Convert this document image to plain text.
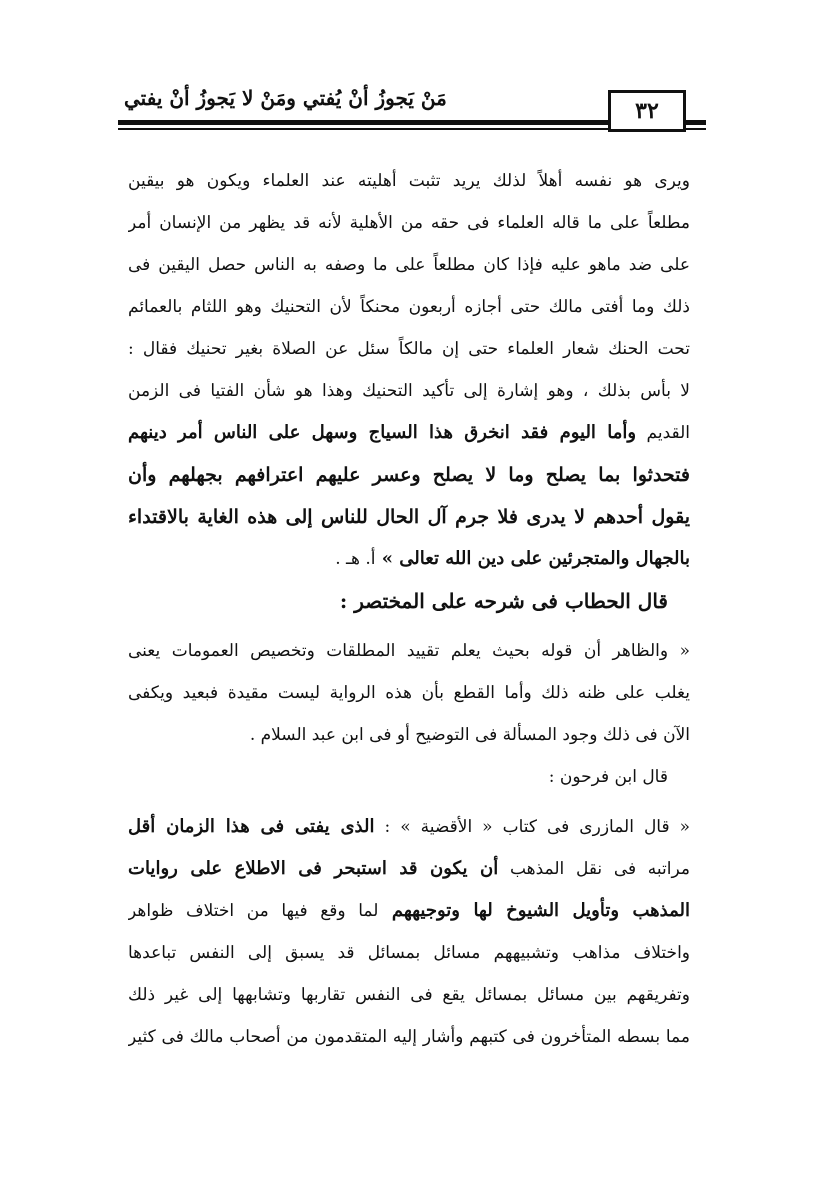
مَنْ يَجوزُ أنْ يُفتي ومَنْ لا يَجوزُ أنْ يفتي	٣٢
ويرى هو نفسه أهلاً لذلك يريد تثبت أهليته عند العلماء ويكون هو بيقين
مطلعاً على ما قاله العلماء فى حقه من الأهلية لأنه قد يظهر من الإنسان أمر
على ضد ماهو عليه فإذا كان مطلعاً على ما وصفه به الناس حصل اليقين فى
ذلك وما أفتى مالك حتى أجازه أربعون محنكاً لأن التحنيك وهو اللثام بالعمائم
تحت الحنك شعار العلماء حتى إن مالكاً سئل عن الصلاة بغير تحنيك فقال :
لا بأس بذلك ، وهو إشارة إلى تأكيد التحنيك وهذا هو شأن الفتيا فى الزمن
القديم وأما اليوم فقد انخرق هذا السياج وسهل على الناس أمر دينهم
فتحدثوا بما يصلح وما لا يصلح وعسر عليهم اعترافهم بجهلهم وأن
يقول أحدهم لا يدرى فلا جرم آل الحال للناس إلى هذه الغاية بالاقتداء
بالجهال والمتجرئين على دين الله تعالى » أ. هـ .
قال الحطاب فى شرحه على المختصر :
« والظاهر أن قوله بحيث يعلم تقييد المطلقات وتخصيص العمومات يعنى
يغلب على ظنه ذلك وأما القطع بأن هذه الرواية ليست مقيدة فبعيد ويكفى
الآن فى ذلك وجود المسألة فى التوضيح أو فى ابن عبد السلام .
قال ابن فرحون :
« قال المازرى فى كتاب « الأقضية » : الذى يفتى فى هذا الزمان أقل
مراتبه فى نقل المذهب أن يكون قد استبحر فى الاطلاع على روايات
المذهب وتأويل الشيوخ لها وتوجيههم لما وقع فيها من اختلاف ظواهر
واختلاف مذاهب وتشبيههم مسائل بمسائل قد يسبق إلى النفس تباعدها
وتفريقهم بين مسائل بمسائل يقع فى النفس تقاربها وتشابهها إلى غير ذلك
مما بسطه المتأخرون فى كتبهم وأشار إليه المتقدمون من أصحاب مالك فى كثير
